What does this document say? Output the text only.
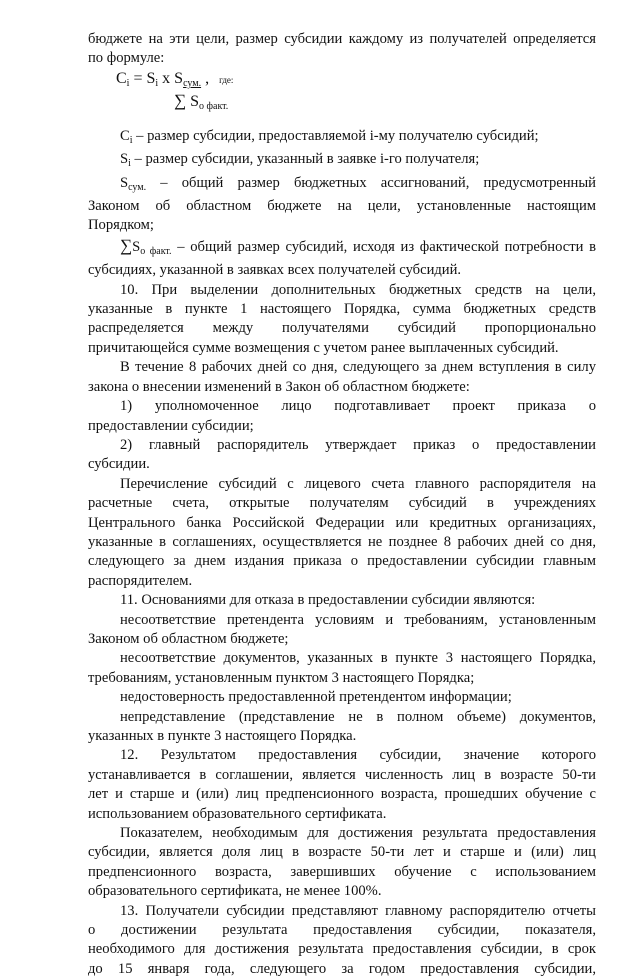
бюджете на эти цели, размер субсидии каждому из получателей определяется

по формуле:

Ci = Si x Sсум. , где:
∑ $S_{о факт.}$

$C_i$ – размер субсидии, предоставляемой i-му получателю субсидий;

$S_i$ – размер субсидии, указанный в заявке i-го получателя;

$S_{сум.}$ – общий размер бюджетных ассигнований, предусмотренный

Законом об областном бюджете на цели, установленные настоящим

Порядком;

$\sum S_{о факт.}$ – общий размер субсидий, исходя из фактической потребности в

субсидиях, указанной в заявках всех получателей субсидий.

10. При выделении дополнительных бюджетных средств на цели,

указанные в пункте 1 настоящего Порядка, сумма бюджетных средств

распределяется между получателями субсидий пропорционально

причитающейся сумме возмещения с учетом ранее выплаченных субсидий.

В течение 8 рабочих дней со дня, следующего за днем вступления в силу

закона о внесении изменений в Закон об областном бюджете:

1) уполномоченное лицо подготавливает проект приказа о

предоставлении субсидии;

2) главный распорядитель утверждает приказ о предоставлении

субсидии.

Перечисление субсидий с лицевого счета главного распорядителя на

расчетные счета, открытые получателям субсидий в учреждениях

Центрального банка Российской Федерации или кредитных организациях,

указанные в соглашениях, осуществляется не позднее 8 рабочих дней со дня,

следующего за днем издания приказа о предоставлении субсидии главным

распорядителем.

11. Основаниями для отказа в предоставлении субсидии являются:

несоответствие претендента условиям и требованиям, установленным

Законом об областном бюджете;

несоответствие документов, указанных в пункте 3 настоящего Порядка,

требованиям, установленным пунктом 3 настоящего Порядка;

недостоверность предоставленной претендентом информации;

непредставление (представление не в полном объеме) документов,

указанных в пункте 3 настоящего Порядка.

12. Результатом предоставления субсидии, значение которого

устанавливается в соглашении, является численность лиц в возрасте 50-ти

лет и старше и (или) лиц предпенсионного возраста, прошедших обучение с

использованием образовательного сертификата.

Показателем, необходимым для достижения результата предоставления

субсидии, является доля лиц в возрасте 50-ти лет и старше и (или) лиц

предпенсионного возраста, завершивших обучение с использованием

образовательного сертификата, не менее 100%.

13. Получатели субсидии представляют главному распорядителю отчеты

о достижении результата предоставления субсидии, показателя,

необходимого для достижения результата предоставления субсидии, в срок

до 15 января года, следующего за годом предоставления субсидии,
